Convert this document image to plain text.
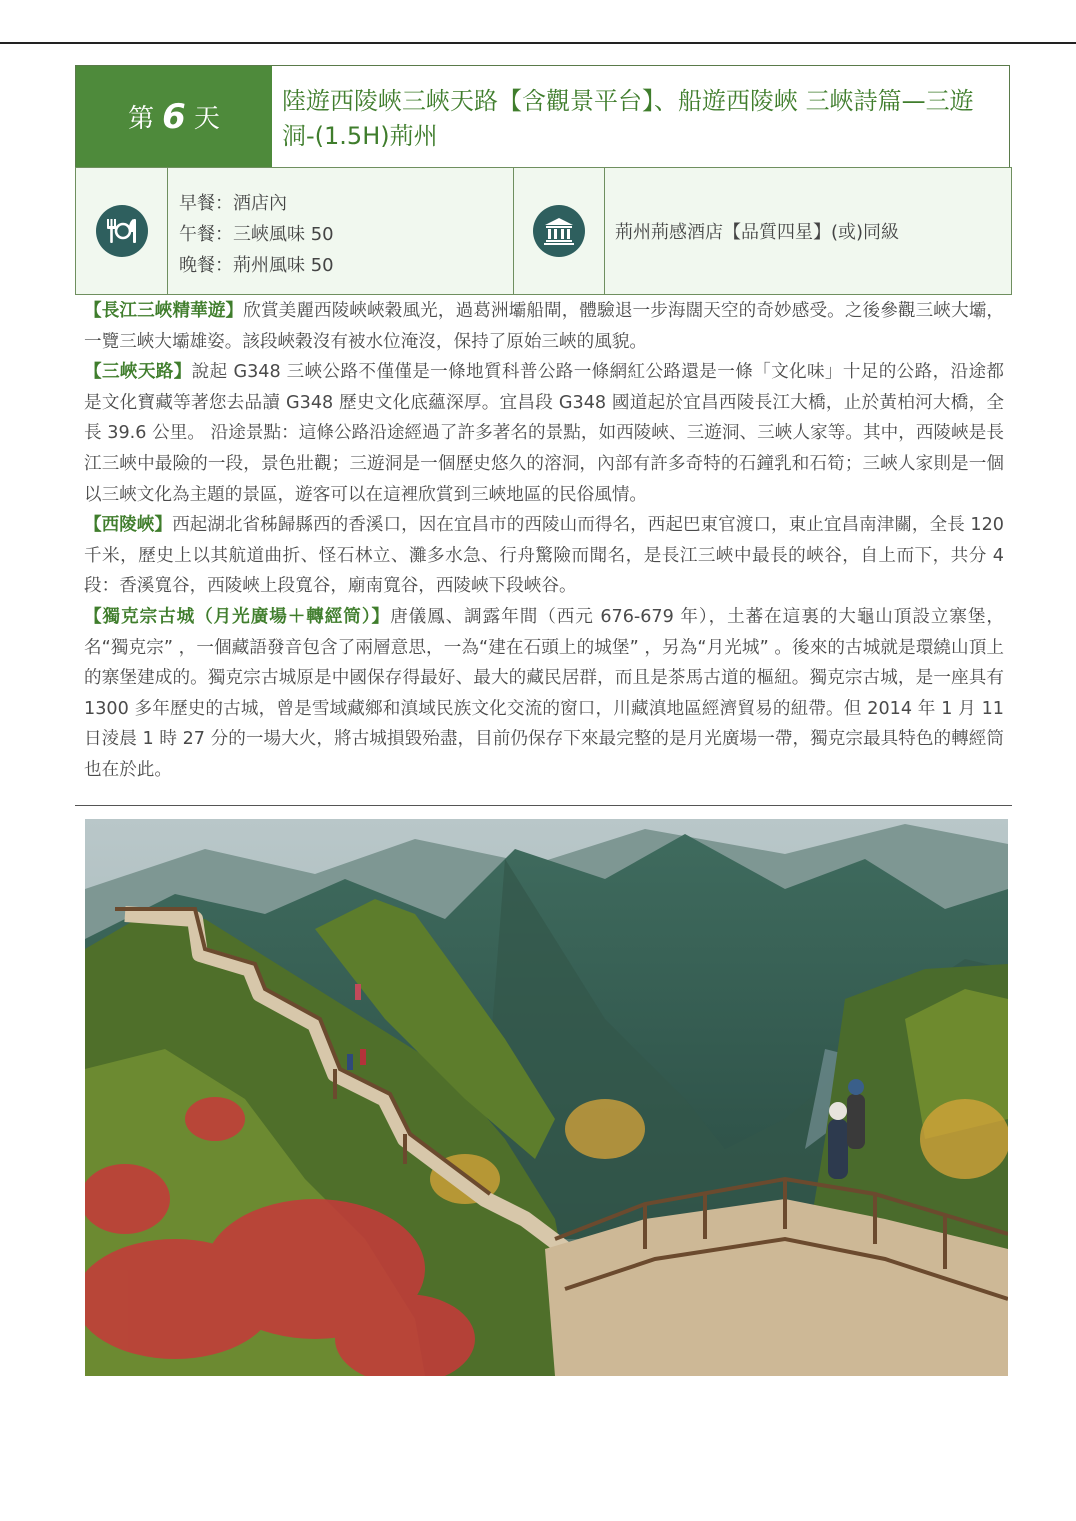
第 6 天
陸遊西陵峽三峽天路【含觀景平台】、船遊西陵峽 三峽詩篇—三遊洞-(1.5H)荊州
早餐：酒店內
午餐：三峽風味 50
晚餐：荊州風味 50
荊州荊感酒店【品質四星】(或)同級

【長江三峽精華遊】欣賞美麗西陵峽峽穀風光，過葛洲壩船閘，體驗退一步海闊天空的奇妙感受。之後參觀三峽大壩，一覽三峽大壩雄姿。該段峽穀沒有被水位淹沒，保持了原始三峽的風貌。

【三峽天路】說起 G348 三峽公路不僅僅是一條地質科普公路一條網紅公路還是一條「文化味」十足的公路，沿途都是文化寶藏等著您去品讀 G348 歷史文化底蘊深厚。宜昌段 G348 國道起於宜昌西陵長江大橋，止於黃柏河大橋，全長 39.6 公里。 沿途景點：這條公路沿途經過了許多著名的景點，如西陵峽、三遊洞、三峽人家等。其中，西陵峽是長江三峽中最險的一段，景色壯觀；三遊洞是一個歷史悠久的溶洞，內部有許多奇特的石鐘乳和石筍；三峽人家則是一個以三峽文化為主題的景區，遊客可以在這裡欣賞到三峽地區的民俗風情。

【西陵峽】西起湖北省秭歸縣西的香溪口，因在宜昌市的西陵山而得名，西起巴東官渡口，東止宜昌南津關，全長 120 千米，歷史上以其航道曲折、怪石林立、灘多水急、行舟驚險而聞名，是長江三峽中最長的峽谷，自上而下，共分 4 段：香溪寬谷，西陵峽上段寬谷，廟南寬谷，西陵峽下段峽谷。

【獨克宗古城（月光廣場＋轉經筒）】唐儀鳳、調露年間（西元 676-679 年），土蕃在這裏的大龜山頂設立寨堡，名“獨克宗” ，一個藏語發音包含了兩層意思，一為“建在石頭上的城堡” ，另為“月光城” 。後來的古城就是環繞山頂上的寨堡建成的。獨克宗古城原是中國保存得最好、最大的藏民居群，而且是茶馬古道的樞紐。獨克宗古城，是一座具有 1300 多年歷史的古城，曾是雪域藏鄉和滇域民族文化交流的窗口，川藏滇地區經濟貿易的紐帶。但 2014 年 1 月 11 日淩晨 1 時 27 分的一場大火，將古城損毀殆盡，目前仍保存下來最完整的是月光廣場一帶，獨克宗最具特色的轉經筒也在於此。
